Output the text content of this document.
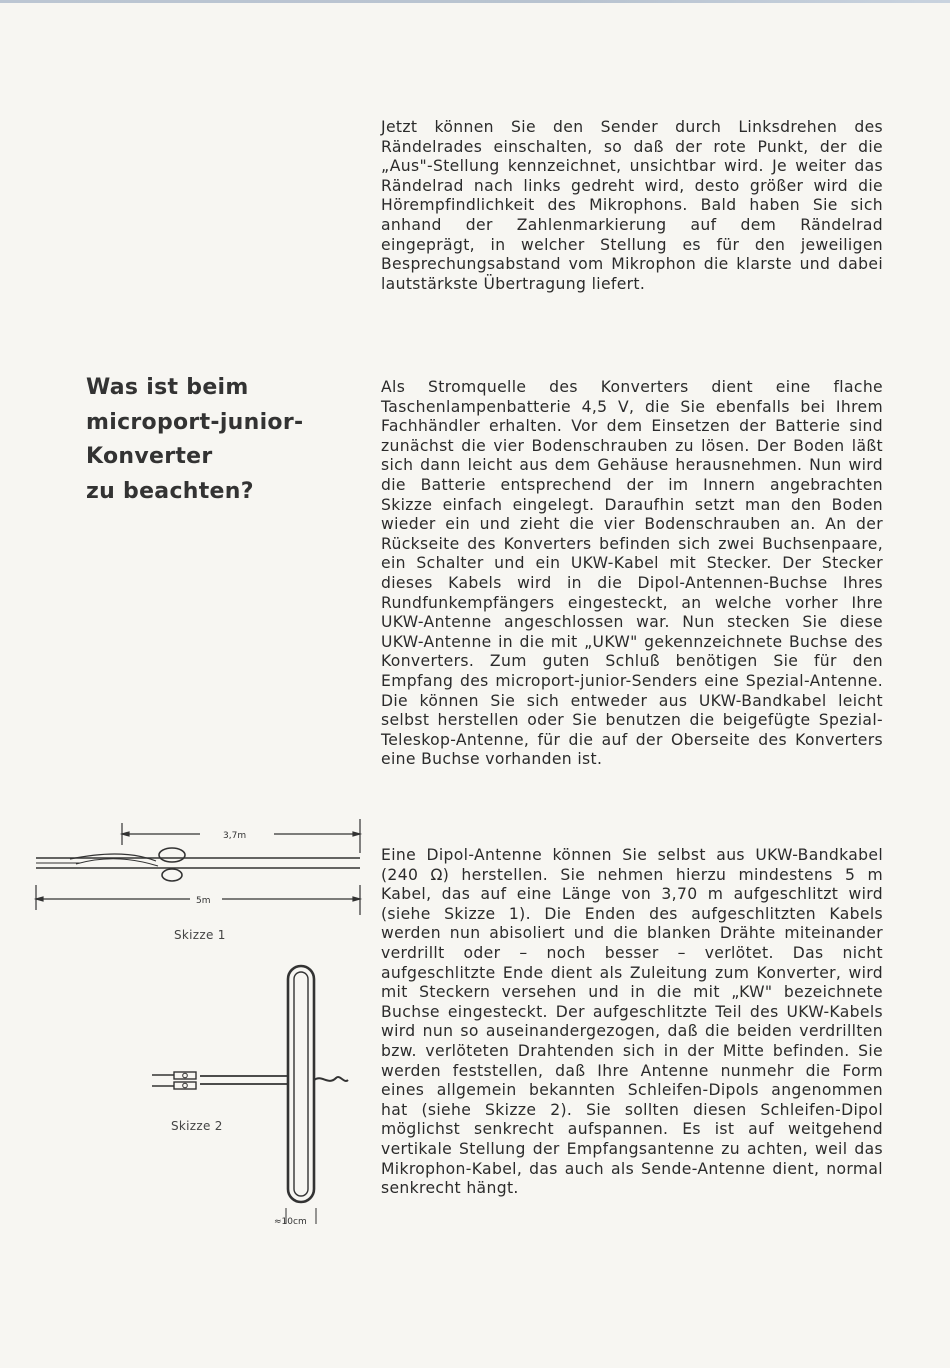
Jetzt können Sie den Sender durch Linksdrehen des Rändelrades einschalten, so daß der rote Punkt, der die „Aus"-Stellung kennzeichnet, unsichtbar wird. Je weiter das Rändelrad nach links gedreht wird, desto größer wird die Hörempfindlichkeit des Mikrophons. Bald haben Sie sich anhand der Zahlenmarkierung auf dem Rändelrad eingeprägt, in welcher Stellung es für den jeweiligen Besprechungsabstand vom Mikrophon die klarste und dabei lautstärkste Übertragung liefert.

Was ist beim
microport-junior-
Konverter
zu beachten?

Als Stromquelle des Konverters dient eine flache Taschenlampenbatterie 4,5 V, die Sie ebenfalls bei Ihrem Fachhändler erhalten. Vor dem Einsetzen der Batterie sind zunächst die vier Bodenschrauben zu lösen. Der Boden läßt sich dann leicht aus dem Gehäuse herausnehmen. Nun wird die Batterie entsprechend der im Innern angebrachten Skizze einfach eingelegt. Daraufhin setzt man den Boden wieder ein und zieht die vier Bodenschrauben an. An der Rückseite des Konverters befinden sich zwei Buchsenpaare, ein Schalter und ein UKW-Kabel mit Stecker. Der Stecker dieses Kabels wird in die Dipol-Antennen-Buchse Ihres Rundfunkempfängers eingesteckt, an welche vorher Ihre UKW-Antenne angeschlossen war. Nun stecken Sie diese UKW-Antenne in die mit „UKW" gekennzeichnete Buchse des Konverters. Zum guten Schluß benötigen Sie für den Empfang des microport-junior-Senders eine Spezial-Antenne. Die können Sie sich entweder aus UKW-Bandkabel leicht selbst herstellen oder Sie benutzen die beigefügte Spezial-Teleskop-Antenne, für die auf der Oberseite des Konverters eine Buchse vorhanden ist.

Eine Dipol-Antenne können Sie selbst aus UKW-Bandkabel (240 Ω) herstellen. Sie nehmen hierzu mindestens 5 m Kabel, das auf eine Länge von 3,70 m aufgeschlitzt wird (siehe Skizze 1). Die Enden des aufgeschlitzten Kabels werden nun abisoliert und die blanken Drähte miteinander verdrillt oder – noch besser – verlötet. Das nicht aufgeschlitzte Ende dient als Zuleitung zum Konverter, wird mit Steckern versehen und in die mit „KW" bezeichnete Buchse eingesteckt. Der aufgeschlitzte Teil des UKW-Kabels wird nun so auseinandergezogen, daß die beiden verdrillten bzw. verlöteten Drahtenden sich in der Mitte befinden. Sie werden feststellen, daß Ihre Antenne nunmehr die Form eines allgemein bekannten Schleifen-Dipols angenommen hat (siehe Skizze 2). Sie sollten diesen Schleifen-Dipol möglichst senkrecht aufspannen. Es ist auf weitgehend vertikale Stellung der Empfangsantenne zu achten, weil das Mikrophon-Kabel, das auch als Sende-Antenne dient, normal senkrecht hängt.

3,7m
5m
Skizze 1
≈10cm
Skizze 2
